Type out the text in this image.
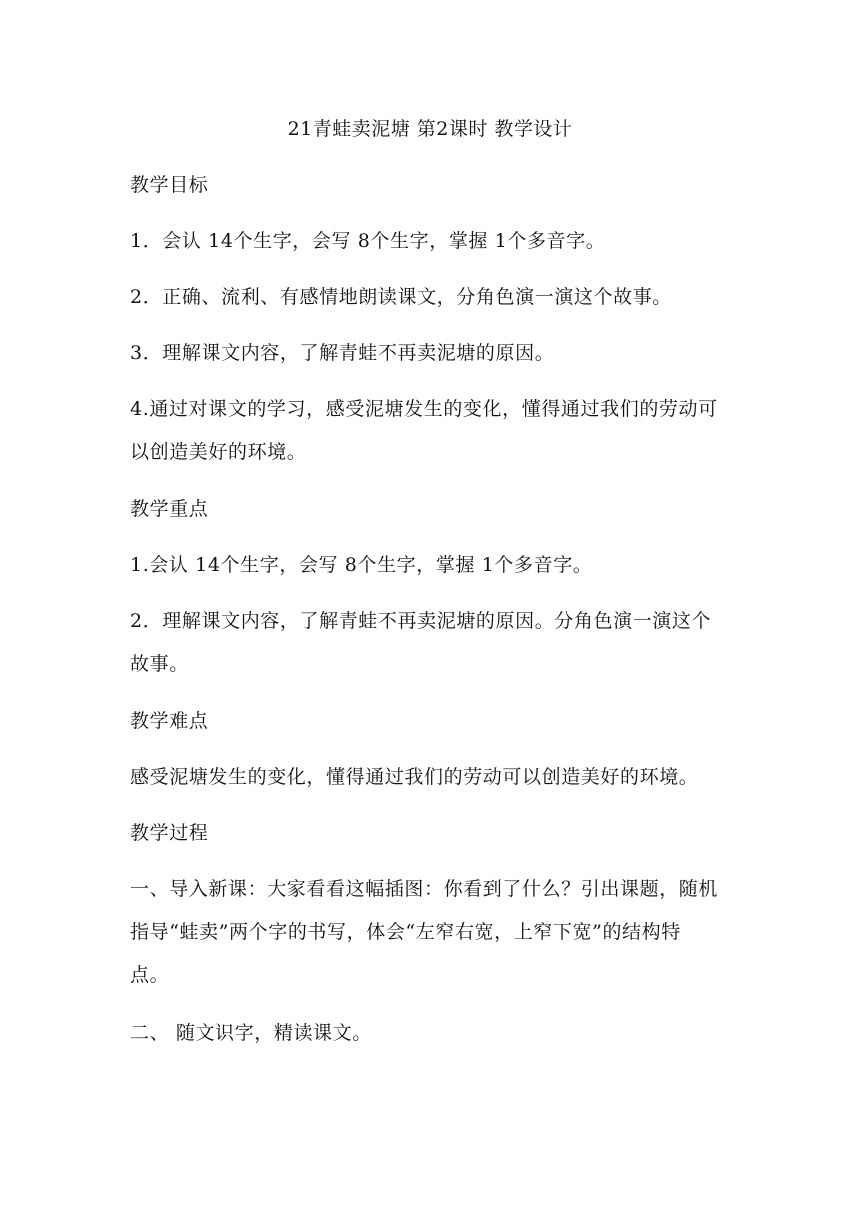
21青蛙卖泥塘 第2课时 教学设计
教学目标
1．会认 14个生字，会写 8个生字，掌握 1个多音字。
2．正确、流利、有感情地朗读课文，分角色演一演这个故事。
3．理解课文内容，了解青蛙不再卖泥塘的原因。
4.通过对课文的学习，感受泥塘发生的变化，懂得通过我们的劳动可
以创造美好的环境。
教学重点
1.会认 14个生字，会写 8个生字，掌握 1个多音字。
2．理解课文内容，了解青蛙不再卖泥塘的原因。分角色演一演这个
故事。
教学难点
感受泥塘发生的变化，懂得通过我们的劳动可以创造美好的环境。
教学过程
一、导入新课：大家看看这幅插图：你看到了什么？引出课题，随机
指导“蛙卖”两个字的书写，体会“左窄右宽，上窄下宽”的结构特
点。
二、 随文识字，精读课文。
